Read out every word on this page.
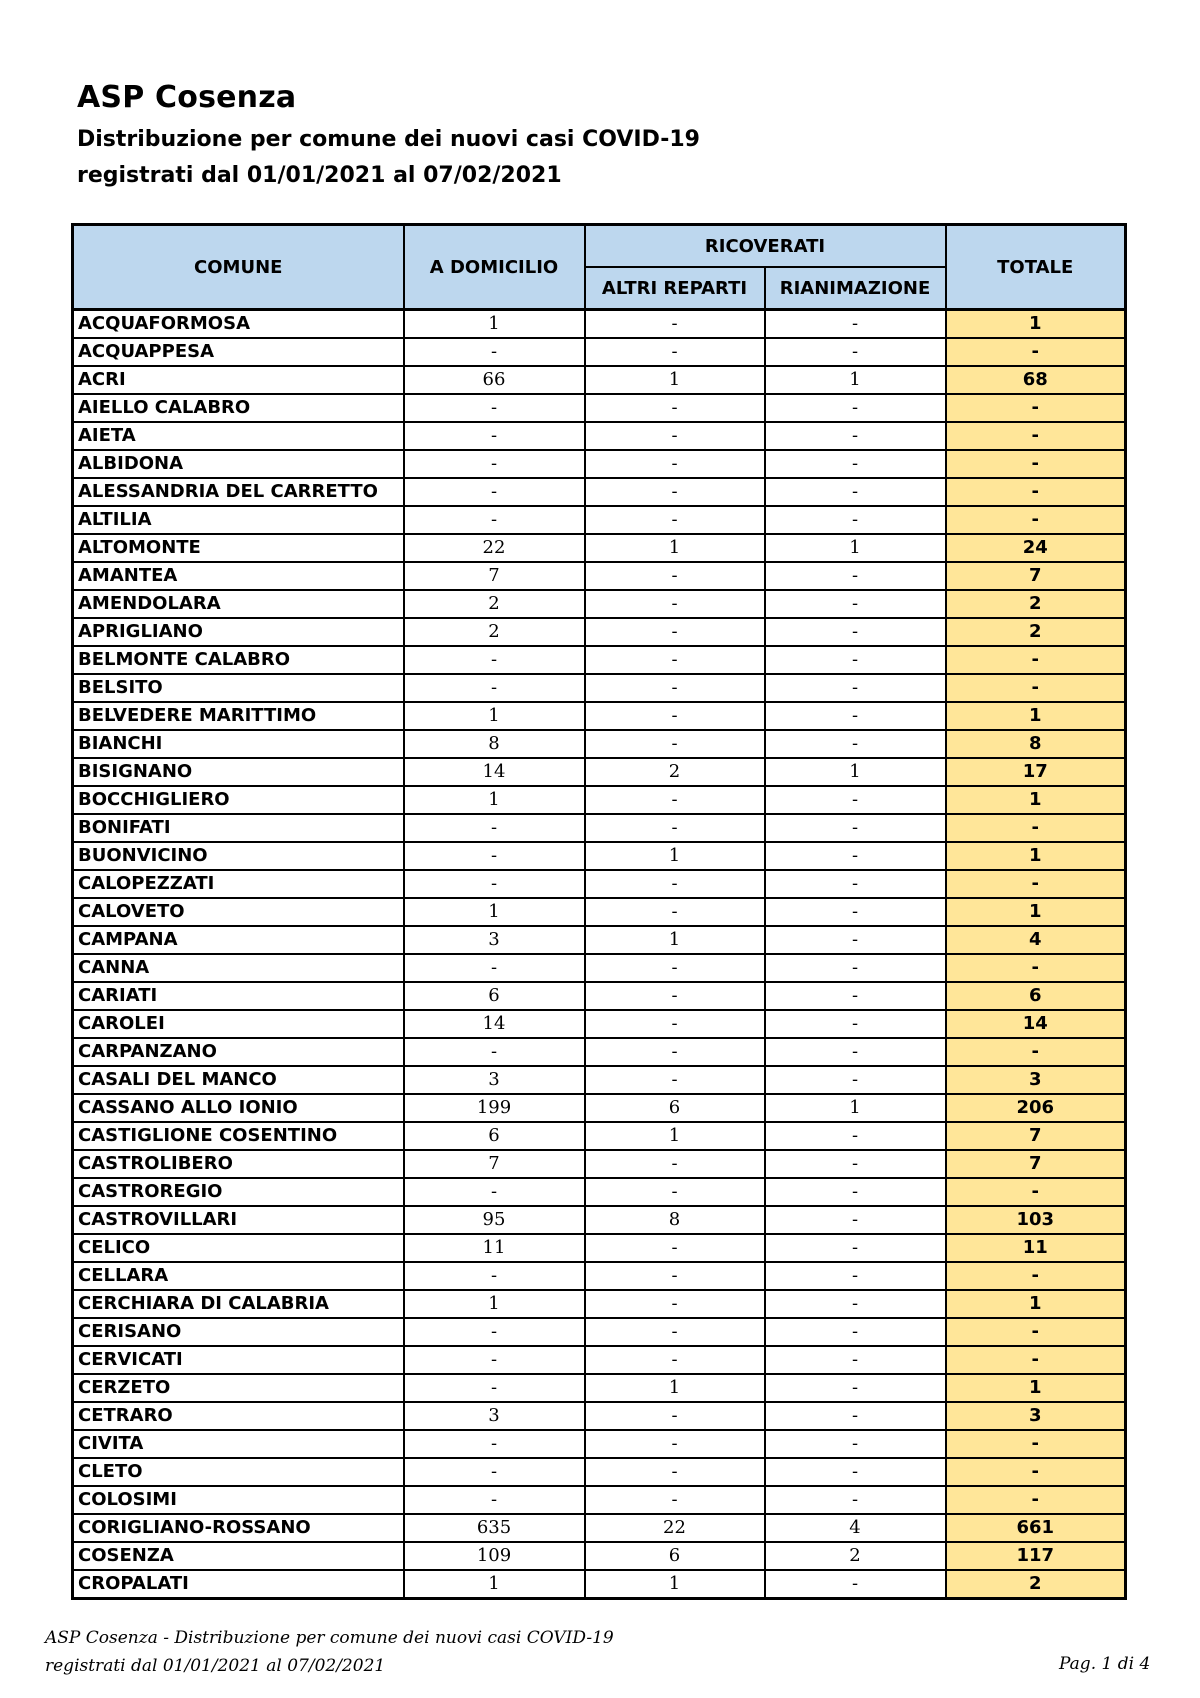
ASP Cosenza
Distribuzione per comune dei nuovi casi COVID-19
registrati dal 01/01/2021 al 07/02/2021
COMUNE	A DOMICILIO	RICOVERATI		TOTALE
		ALTRI REPARTI	RIANIMAZIONE	
ACQUAFORMOSA	1	-	-	1
ACQUAPPESA	-	-	-	-
ACRI	66	1	1	68
AIELLO CALABRO	-	-	-	-
AIETA	-	-	-	-
ALBIDONA	-	-	-	-
ALESSANDRIA DEL CARRETTO	-	-	-	-
ALTILIA	-	-	-	-
ALTOMONTE	22	1	1	24
AMANTEA	7	-	-	7
AMENDOLARA	2	-	-	2
APRIGLIANO	2	-	-	2
BELMONTE CALABRO	-	-	-	-
BELSITO	-	-	-	-
BELVEDERE MARITTIMO	1	-	-	1
BIANCHI	8	-	-	8
BISIGNANO	14	2	1	17
BOCCHIGLIERO	1	-	-	1
BONIFATI	-	-	-	-
BUONVICINO	-	1	-	1
CALOPEZZATI	-	-	-	-
CALOVETO	1	-	-	1
CAMPANA	3	1	-	4
CANNA	-	-	-	-
CARIATI	6	-	-	6
CAROLEI	14	-	-	14
CARPANZANO	-	-	-	-
CASALI DEL MANCO	3	-	-	3
CASSANO ALLO IONIO	199	6	1	206
CASTIGLIONE COSENTINO	6	1	-	7
CASTROLIBERO	7	-	-	7
CASTROREGIO	-	-	-	-
CASTROVILLARI	95	8	-	103
CELICO	11	-	-	11
CELLARA	-	-	-	-
CERCHIARA DI CALABRIA	1	-	-	1
CERISANO	-	-	-	-
CERVICATI	-	-	-	-
CERZETO	-	1	-	1
CETRARO	3	-	-	3
CIVITA	-	-	-	-
CLETO	-	-	-	-
COLOSIMI	-	-	-	-
CORIGLIANO-ROSSANO	635	22	4	661
COSENZA	109	6	2	117
CROPALATI	1	1	-	2
ASP Cosenza - Distribuzione per comune dei nuovi casi COVID-19
registrati dal 01/01/2021 al 07/02/2021	Pag. 1 di 4
